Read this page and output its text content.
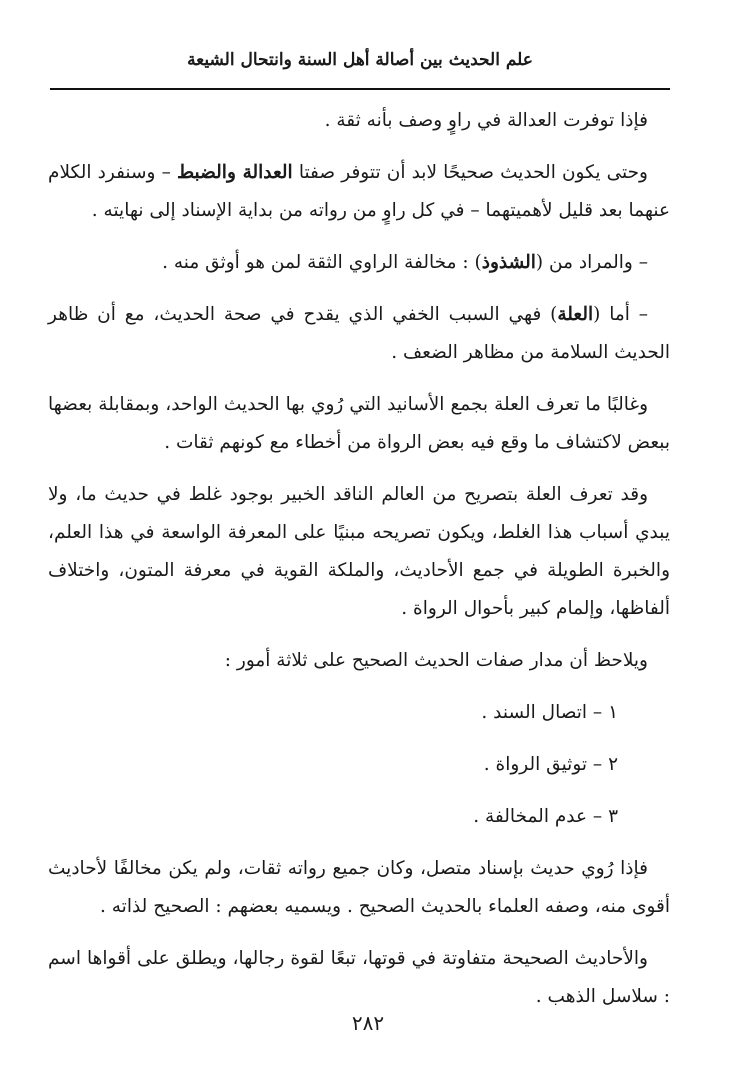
علم الحديث بين أصالة أهل السنة وانتحال الشيعة

فإذا توفرت العدالة في راوٍ وصف بأنه ثقة .

وحتى يكون الحديث صحيحًا لابد أن تتوفر صفتا العدالة والضبط – وسنفرد الكلام عنهما بعد قليل لأهميتهما – في كل راوٍ من رواته من بداية الإسناد إلى نهايته .

– والمراد من (الشذوذ) : مخالفة الراوي الثقة لمن هو أوثق منه .

– أما (العلة) فهي السبب الخفي الذي يقدح في صحة الحديث، مع أن ظاهر الحديث السلامة من مظاهر الضعف .

وغالبًا ما تعرف العلة بجمع الأسانيد التي رُوي بها الحديث الواحد، وبمقابلة بعضها ببعض لاكتشاف ما وقع فيه بعض الرواة من أخطاء مع كونهم ثقات .

وقد تعرف العلة بتصريح من العالم الناقد الخبير بوجود غلط في حديث ما، ولا يبدي أسباب هذا الغلط، ويكون تصريحه مبنيًا على المعرفة الواسعة في هذا العلم، والخبرة الطويلة في جمع الأحاديث، والملكة القوية في معرفة المتون، واختلاف ألفاظها، وإلمام كبير بأحوال الرواة .

ويلاحظ أن مدار صفات الحديث الصحيح على ثلاثة أمور :

١ – اتصال السند .

٢ – توثيق الرواة .

٣ – عدم المخالفة .

فإذا رُوي حديث بإسناد متصل، وكان جميع رواته ثقات، ولم يكن مخالفًا لأحاديث أقوى منه، وصفه العلماء بالحديث الصحيح . ويسميه بعضهم : الصحيح لذاته .

والأحاديث الصحيحة متفاوتة في قوتها، تبعًا لقوة رجالها، ويطلق على أقواها اسم : سلاسل الذهب .

٢٨٢
